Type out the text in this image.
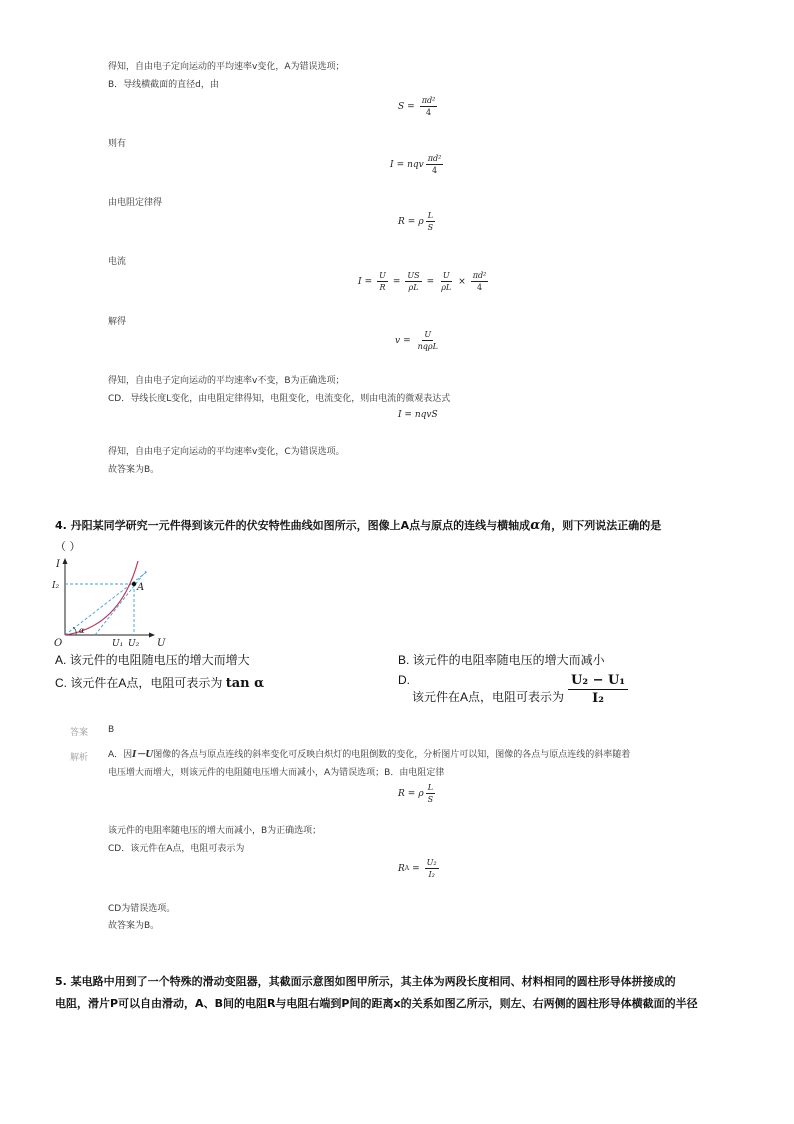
得知，自由电子定向运动的平均速率v变化，A为错误选项；
B．导线横截面的直径d，由
$S = \frac{\text{πd²}}{4}$
则有
I = nqv $\frac{\text{πd²}}{4}$
由电阻定律得
R = ρ $\frac{L}{S}$
电流
$I = \frac{U}{R} = \frac{US}{\rho L} = \frac{U}{\rho L} \times \frac{\text{πd²}}{4}$
解得
$v = \frac{U}{\text{nqρL}}$
得知，自由电子定向运动的平均速率v不变，B为正确选项；
CD．导线长度L变化，由电阻定律得知，电阻变化，电流变化，则由电流的微观表达式
I = nqvS
得知，自由电子定向运动的平均速率v变化，C为错误选项。
故答案为B。
4. 丹阳某同学研究一元件得到该元件的伏安特性曲线如图所示，图像上A点与原点的连线与横轴成α角，则下列说法正确的是
（ ）
I
I₂	A
O
α
U₁ U₂ U
A. 该元件的电阻随电压的增大而增大	B. 该元件的电阻率随电压的增大而减小
C. 该元件在A点，电阻可表示为 tan α	D.
该元件在A点，电阻可表示为 $\frac{\text{U₂ − U₁}}{\text{I₂}}$
答案 B
解析 A．因I－U图像的各点与原点连线的斜率变化可反映白炽灯的电阻倒数的变化，分析图片可以知，图像的各点与原点连线的斜率随着
电压增大而增大，则该元件的电阻随电压增大而减小，A为错误选项；B．由电阻定律
R = ρ $\frac{L}{S}$
该元件的电阻率随电压的增大而减小，B为正确选项；
CD．该元件在A点，电阻可表示为
R $A = \frac{\text{U₂}}{\text{I₂}}$
CD为错误选项。
故答案为B。
5. 某电路中用到了一个特殊的滑动变阻器，其截面示意图如图甲所示，其主体为两段长度相同、材料相同的圆柱形导体拼接成的
电阻，滑片P可以自由滑动，A、B间的电阻R与电阻右端到P间的距离x的关系如图乙所示，则左、右两侧的圆柱形导体横截面的半径
